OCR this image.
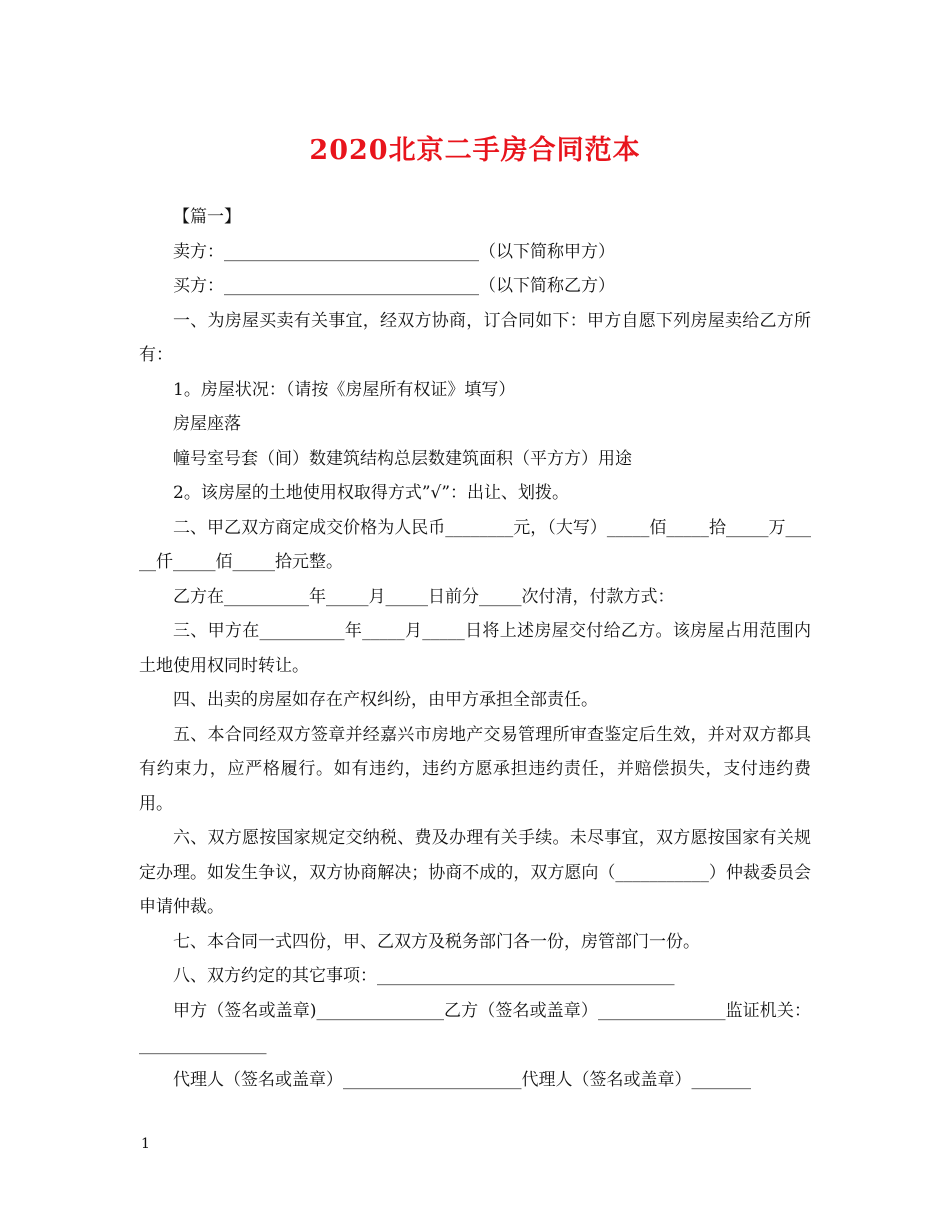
2020北京二手房合同范本

【篇一】

卖方：______________________________（以下简称甲方）

买方：______________________________（以下简称乙方）

一、为房屋买卖有关事宜，经双方协商，订合同如下：甲方自愿下列房屋卖给乙方所有：

1。房屋状况：（请按《房屋所有权证》填写）

房屋座落

幢号室号套（间）数建筑结构总层数建筑面积（平方方）用途

2。该房屋的土地使用权取得方式”√”：出让、划拨。

二、甲乙双方商定成交价格为人民币________元，（大写）_____佰_____拾_____万_____仟_____佰_____拾元整。

乙方在__________年_____月_____日前分_____次付清，付款方式：

三、甲方在__________年_____月_____日将上述房屋交付给乙方。该房屋占用范围内土地使用权同时转让。

四、出卖的房屋如存在产权纠纷，由甲方承担全部责任。

五、本合同经双方签章并经嘉兴市房地产交易管理所审查鉴定后生效，并对双方都具有约束力，应严格履行。如有违约，违约方愿承担违约责任，并赔偿损失，支付违约费用。

六、双方愿按国家规定交纳税、费及办理有关手续。未尽事宜，双方愿按国家有关规定办理。如发生争议，双方协商解决；协商不成的，双方愿向（___________）仲裁委员会申请仲裁。

七、本合同一式四份，甲、乙双方及税务部门各一份，房管部门一份。

八、双方约定的其它事项：___________________________________

甲方（签名或盖章)_______________乙方（签名或盖章）_______________监证机关：_______________

代理人（签名或盖章）_____________________代理人（签名或盖章）_______

1
